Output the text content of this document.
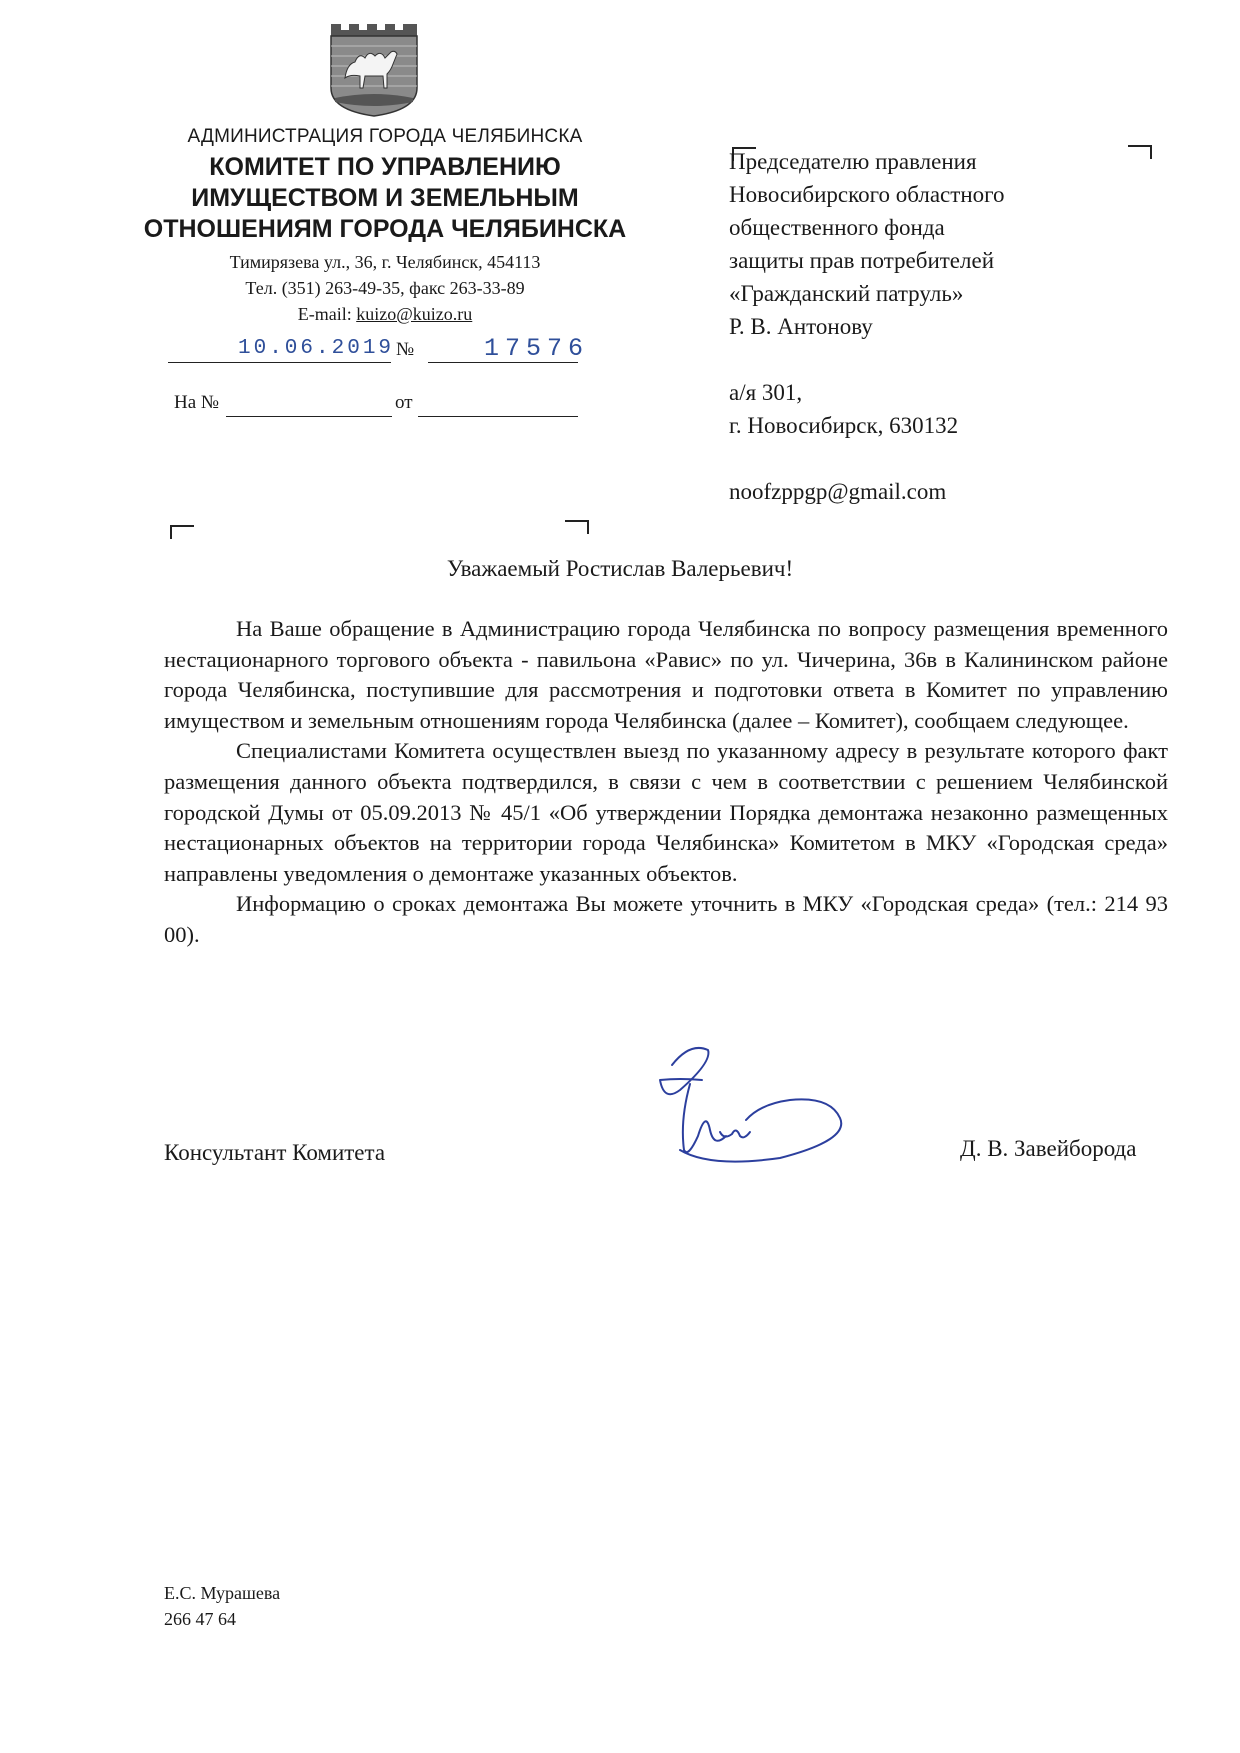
АДМИНИСТРАЦИЯ ГОРОДА ЧЕЛЯБИНСКА
КОМИТЕТ ПО УПРАВЛЕНИЮ
ИМУЩЕСТВОМ И ЗЕМЕЛЬНЫМ
ОТНОШЕНИЯМ ГОРОДА ЧЕЛЯБИНСКА
Тимирязева ул., 36, г. Челябинск, 454113
Тел. (351) 263-49-35, факс 263-33-89
E-mail: kuizo@kuizo.ru
10.06.2019 №	17576
На №	от
Председателю правления
Новосибирского областного
общественного фонда
защиты прав потребителей
«Гражданский патруль»
Р. В. Антонову
а/я 301,
г. Новосибирск, 630132
noofzppgp@gmail.com
Уважаемый Ростислав Валерьевич!

На Ваше обращение в Администрацию города Челябинска по вопросу размещения временного нестационарного торгового объекта - павильона «Равис» по ул. Чичерина, 36в в Калининском районе города Челябинска, поступившие для рассмотрения и подготовки ответа в Комитет по управлению имуществом и земельным отношениям города Челябинска (далее – Комитет), сообщаем следующее.

Специалистами Комитета осуществлен выезд по указанному адресу в результате которого факт размещения данного объекта подтвердился, в связи с чем в соответствии с решением Челябинской городской Думы от 05.09.2013 № 45/1 «Об утверждении Порядка демонтажа незаконно размещенных нестационарных объектов на территории города Челябинска» Комитетом в МКУ «Городская среда» направлены уведомления о демонтаже указанных объектов.

Информацию о сроках демонтажа Вы можете уточнить в МКУ «Городская среда» (тел.: 214 93 00).

Консультант Комитета	Д. В. Завейборода
Е.С. Мурашева
266 47 64
